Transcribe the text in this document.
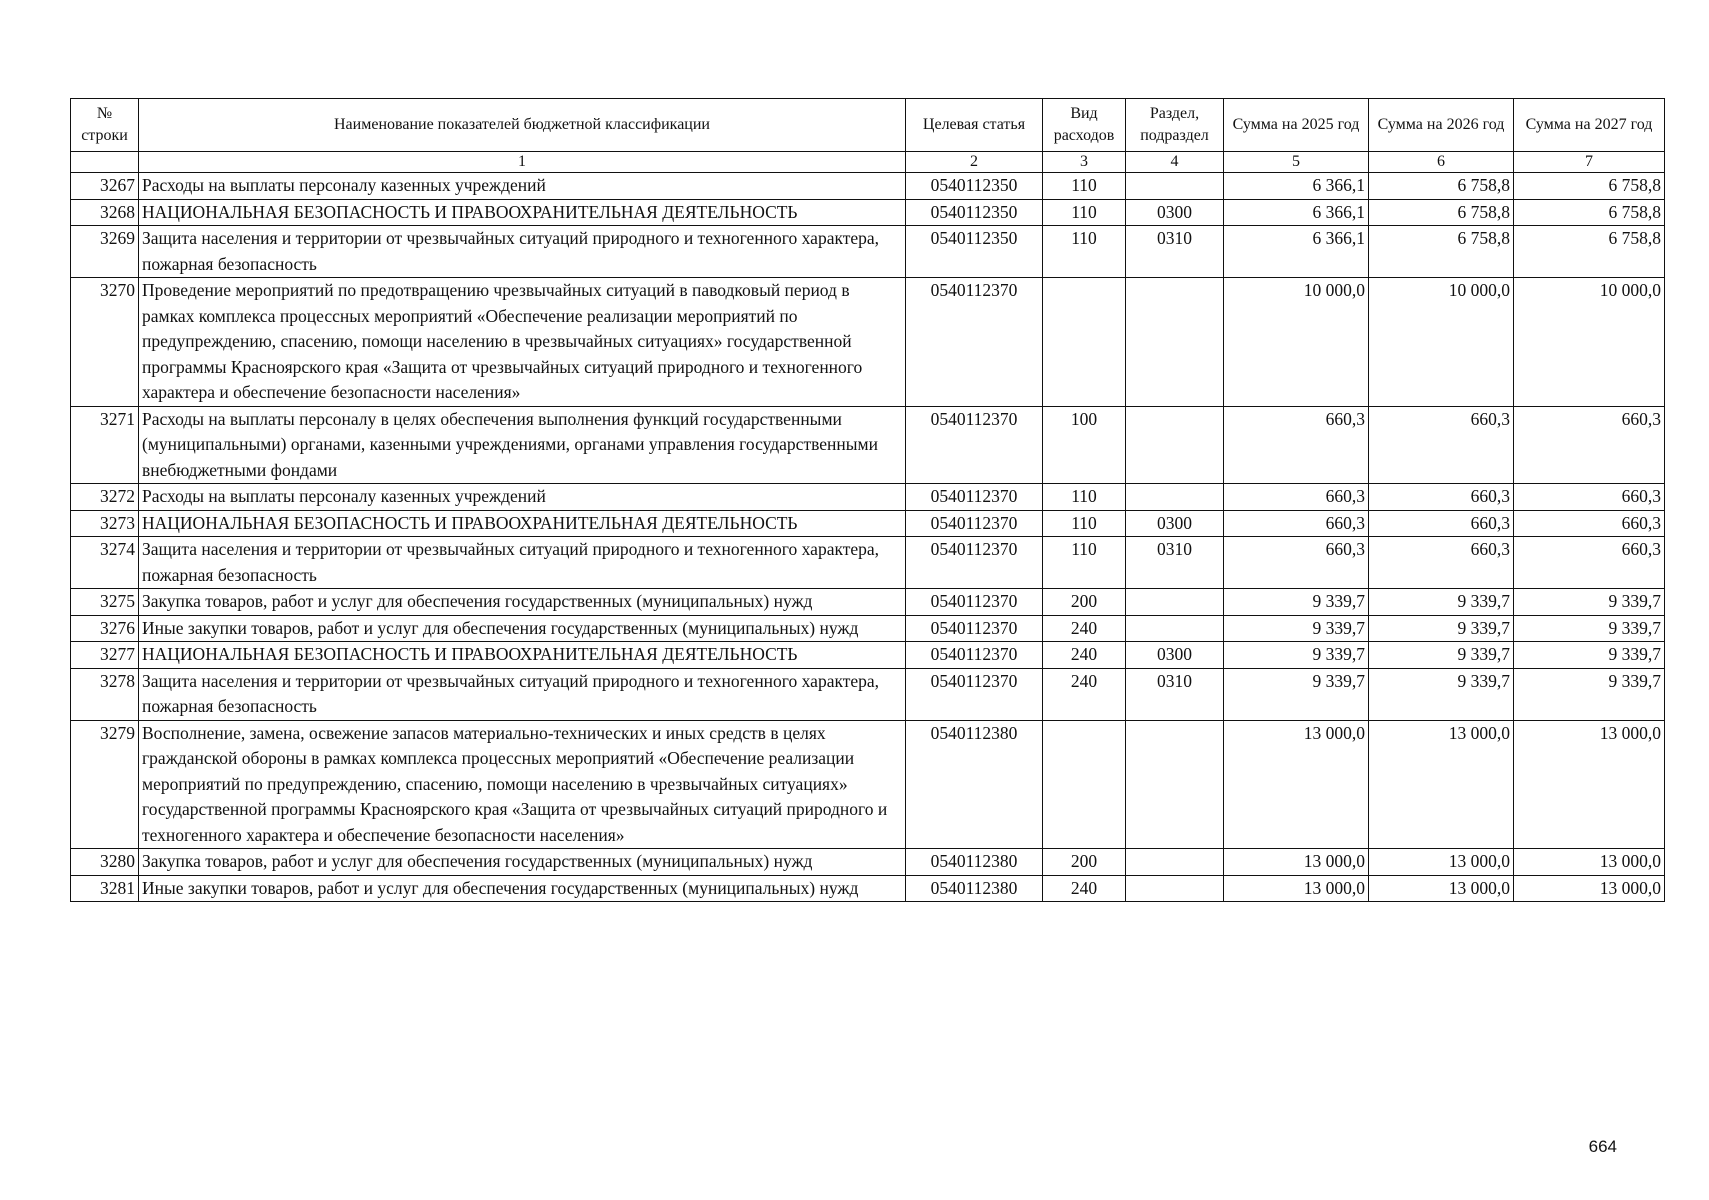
№ строки	Наименование показателей бюджетной классификации	Целевая статья	Вид расходов	Раздел, подраздел	Сумма на 2025 год	Сумма на 2026 год	Сумма на 2027 год
	1	2	3	4	5	6	7
3267	Расходы на выплаты персоналу казенных учреждений	0540112350	110		6 366,1	6 758,8	6 758,8
3268	НАЦИОНАЛЬНАЯ БЕЗОПАСНОСТЬ И ПРАВООХРАНИТЕЛЬНАЯ ДЕЯТЕЛЬНОСТЬ	0540112350	110	0300	6 366,1	6 758,8	6 758,8
3269	Защита населения и территории от чрезвычайных ситуаций природного и техногенного характера, пожарная безопасность	0540112350	110	0310	6 366,1	6 758,8	6 758,8
3270	Проведение мероприятий по предотвращению чрезвычайных ситуаций в паводковый период в рамках комплекса процессных мероприятий «Обеспечение реализации мероприятий по предупреждению, спасению, помощи населению в чрезвычайных ситуациях» государственной программы Красноярского края «Защита от чрезвычайных ситуаций природного и техногенного характера и обеспечение безопасности населения»	0540112370			10 000,0	10 000,0	10 000,0
3271	Расходы на выплаты персоналу в целях обеспечения выполнения функций государственными (муниципальными) органами, казенными учреждениями, органами управления государственными внебюджетными фондами	0540112370	100		660,3	660,3	660,3
3272	Расходы на выплаты персоналу казенных учреждений	0540112370	110		660,3	660,3	660,3
3273	НАЦИОНАЛЬНАЯ БЕЗОПАСНОСТЬ И ПРАВООХРАНИТЕЛЬНАЯ ДЕЯТЕЛЬНОСТЬ	0540112370	110	0300	660,3	660,3	660,3
3274	Защита населения и территории от чрезвычайных ситуаций природного и техногенного характера, пожарная безопасность	0540112370	110	0310	660,3	660,3	660,3
3275	Закупка товаров, работ и услуг для обеспечения государственных (муниципальных) нужд	0540112370	200		9 339,7	9 339,7	9 339,7
3276	Иные закупки товаров, работ и услуг для обеспечения государственных (муниципальных) нужд	0540112370	240		9 339,7	9 339,7	9 339,7
3277	НАЦИОНАЛЬНАЯ БЕЗОПАСНОСТЬ И ПРАВООХРАНИТЕЛЬНАЯ ДЕЯТЕЛЬНОСТЬ	0540112370	240	0300	9 339,7	9 339,7	9 339,7
3278	Защита населения и территории от чрезвычайных ситуаций природного и техногенного характера, пожарная безопасность	0540112370	240	0310	9 339,7	9 339,7	9 339,7
3279	Восполнение, замена, освежение запасов материально-технических и иных средств в целях гражданской обороны в рамках комплекса процессных мероприятий «Обеспечение реализации мероприятий по предупреждению, спасению, помощи населению в чрезвычайных ситуациях» государственной программы Красноярского края «Защита от чрезвычайных ситуаций природного и техногенного характера и обеспечение безопасности населения»	0540112380			13 000,0	13 000,0	13 000,0
3280	Закупка товаров, работ и услуг для обеспечения государственных (муниципальных) нужд	0540112380	200		13 000,0	13 000,0	13 000,0
3281	Иные закупки товаров, работ и услуг для обеспечения государственных (муниципальных) нужд	0540112380	240		13 000,0	13 000,0	13 000,0
664
